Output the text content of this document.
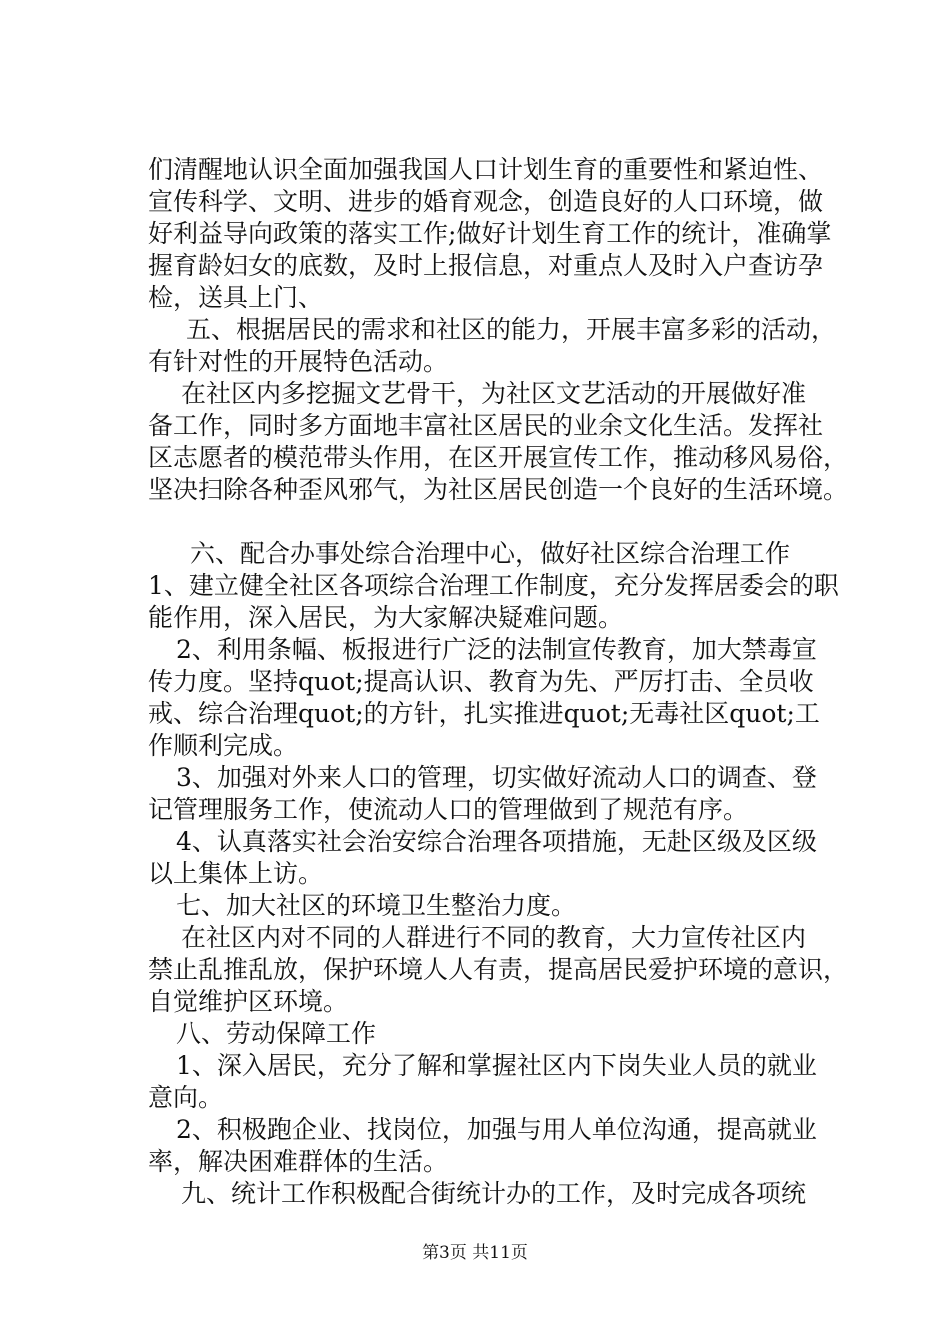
们清醒地认识全面加强我国人口计划生育的重要性和紧迫性、
宣传科学、文明、进步的婚育观念，创造良好的人口环境，做
好利益导向政策的落实工作;做好计划生育工作的统计，准确掌
握育龄妇女的底数，及时上报信息，对重点人及时入户查访孕
检，送具上门、
五、根据居民的需求和社区的能力，开展丰富多彩的活动，
有针对性的开展特色活动。
在社区内多挖掘文艺骨干，为社区文艺活动的开展做好准
备工作，同时多方面地丰富社区居民的业余文化生活。发挥社
区志愿者的模范带头作用，在区开展宣传工作，推动移风易俗，
坚决扫除各种歪风邪气，为社区居民创造一个良好的生活环境。
六、配合办事处综合治理中心，做好社区综合治理工作
1、建立健全社区各项综合治理工作制度，充分发挥居委会的职
能作用，深入居民，为大家解决疑难问题。
2、利用条幅、板报进行广泛的法制宣传教育，加大禁毒宣
传力度。坚持quot;提高认识、教育为先、严厉打击、全员收
戒、综合治理quot;的方针，扎实推进quot;无毒社区quot;工
作顺利完成。
3、加强对外来人口的管理，切实做好流动人口的调查、登
记管理服务工作，使流动人口的管理做到了规范有序。
4、认真落实社会治安综合治理各项措施，无赴区级及区级
以上集体上访。
七、加大社区的环境卫生整治力度。
在社区内对不同的人群进行不同的教育，大力宣传社区内
禁止乱推乱放，保护环境人人有责，提高居民爱护环境的意识，
自觉维护区环境。
八、劳动保障工作
1、深入居民，充分了解和掌握社区内下岗失业人员的就业
意向。
2、积极跑企业、找岗位，加强与用人单位沟通，提高就业
率，解决困难群体的生活。
九、统计工作积极配合街统计办的工作，及时完成各项统
第3页 共11页
